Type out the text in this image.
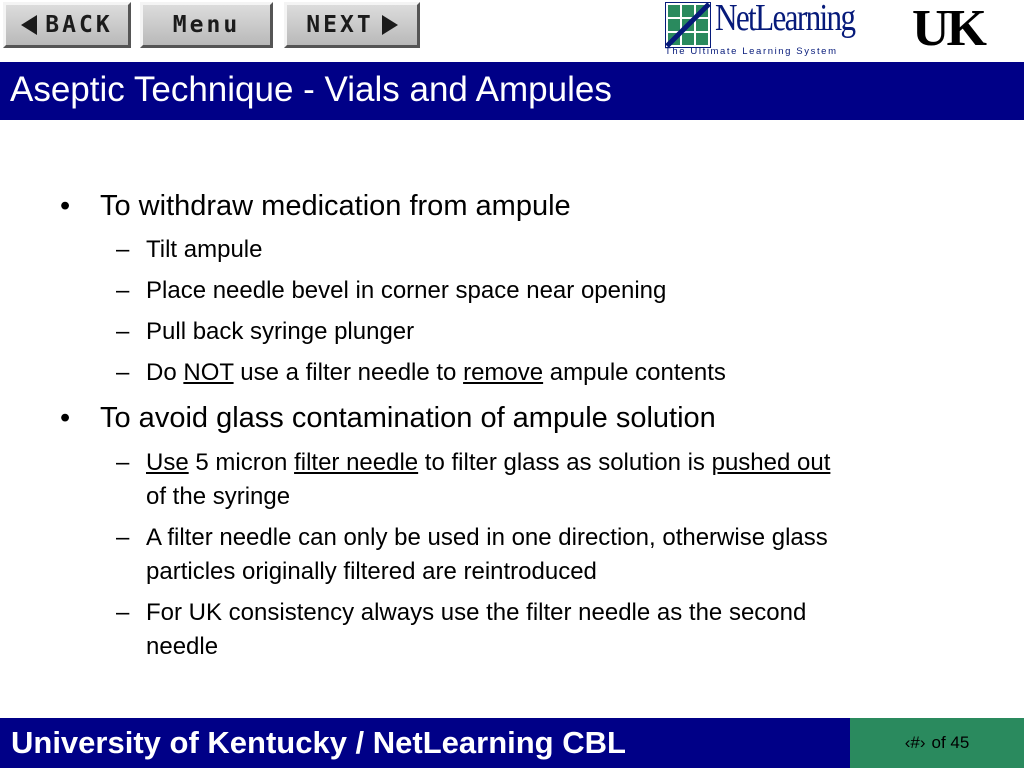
BACK	Menu	NEXT	NetLearning
The Ultimate Learning System UK
Aseptic Technique - Vials and Ampules
• To withdraw medication from ampule
– Tilt ampule
– Place needle bevel in corner space near opening
– Pull back syringe plunger
– Do NOT use a filter needle to remove ampule contents
• To avoid glass contamination of ampule solution
– Use 5 micron filter needle to filter glass as solution is pushed out
of the syringe
– A filter needle can only be used in one direction, otherwise glass
particles originally filtered are reintroduced
– For UK consistency always use the filter needle as the second
needle
University of Kentucky / NetLearning CBL	‹#› of 45
